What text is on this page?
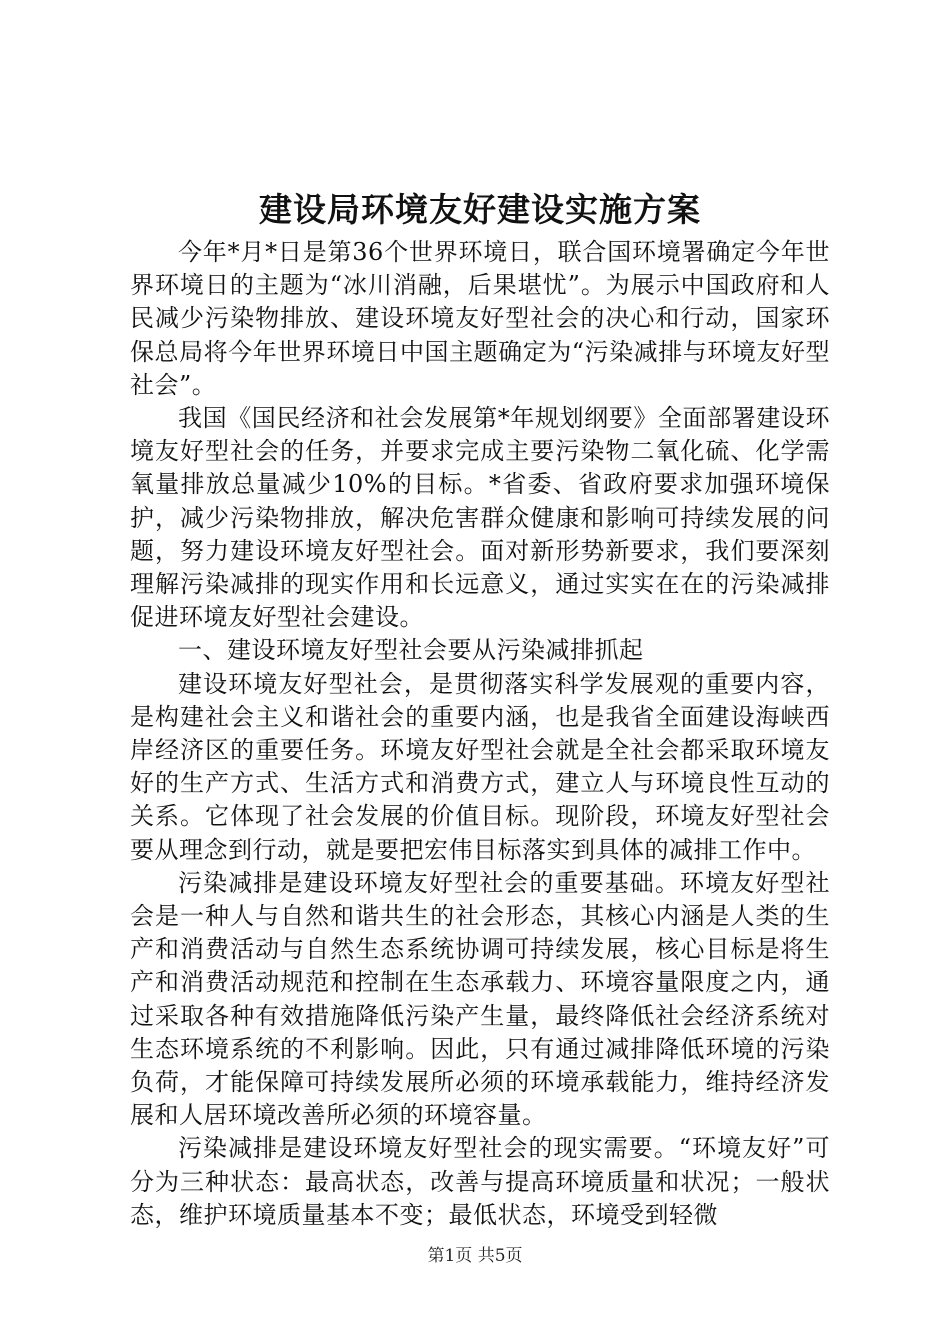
建设局环境友好建设实施方案

今年*月*日是第36个世界环境日，联合国环境署确定今年世界环境日的主题为“冰川消融，后果堪忧”。为展示中国政府和人民减少污染物排放、建设环境友好型社会的决心和行动，国家环保总局将今年世界环境日中国主题确定为“污染减排与环境友好型社会”。

我国《国民经济和社会发展第*年规划纲要》全面部署建设环境友好型社会的任务，并要求完成主要污染物二氧化硫、化学需氧量排放总量减少10%的目标。*省委、省政府要求加强环境保护，减少污染物排放，解决危害群众健康和影响可持续发展的问题，努力建设环境友好型社会。面对新形势新要求，我们要深刻理解污染减排的现实作用和长远意义，通过实实在在的污染减排促进环境友好型社会建设。

一、建设环境友好型社会要从污染减排抓起

建设环境友好型社会，是贯彻落实科学发展观的重要内容，是构建社会主义和谐社会的重要内涵，也是我省全面建设海峡西岸经济区的重要任务。环境友好型社会就是全社会都采取环境友好的生产方式、生活方式和消费方式，建立人与环境良性互动的关系。它体现了社会发展的价值目标。现阶段，环境友好型社会要从理念到行动，就是要把宏伟目标落实到具体的减排工作中。

污染减排是建设环境友好型社会的重要基础。环境友好型社会是一种人与自然和谐共生的社会形态，其核心内涵是人类的生产和消费活动与自然生态系统协调可持续发展，核心目标是将生产和消费活动规范和控制在生态承载力、环境容量限度之内，通过采取各种有效措施降低污染产生量，最终降低社会经济系统对生态环境系统的不利影响。因此，只有通过减排降低环境的污染负荷，才能保障可持续发展所必须的环境承载能力，维持经济发展和人居环境改善所必须的环境容量。

污染减排是建设环境友好型社会的现实需要。“环境友好”可分为三种状态：最高状态，改善与提高环境质量和状况；一般状态，维护环境质量基本不变；最低状态，环境受到轻微

第1页 共5页
